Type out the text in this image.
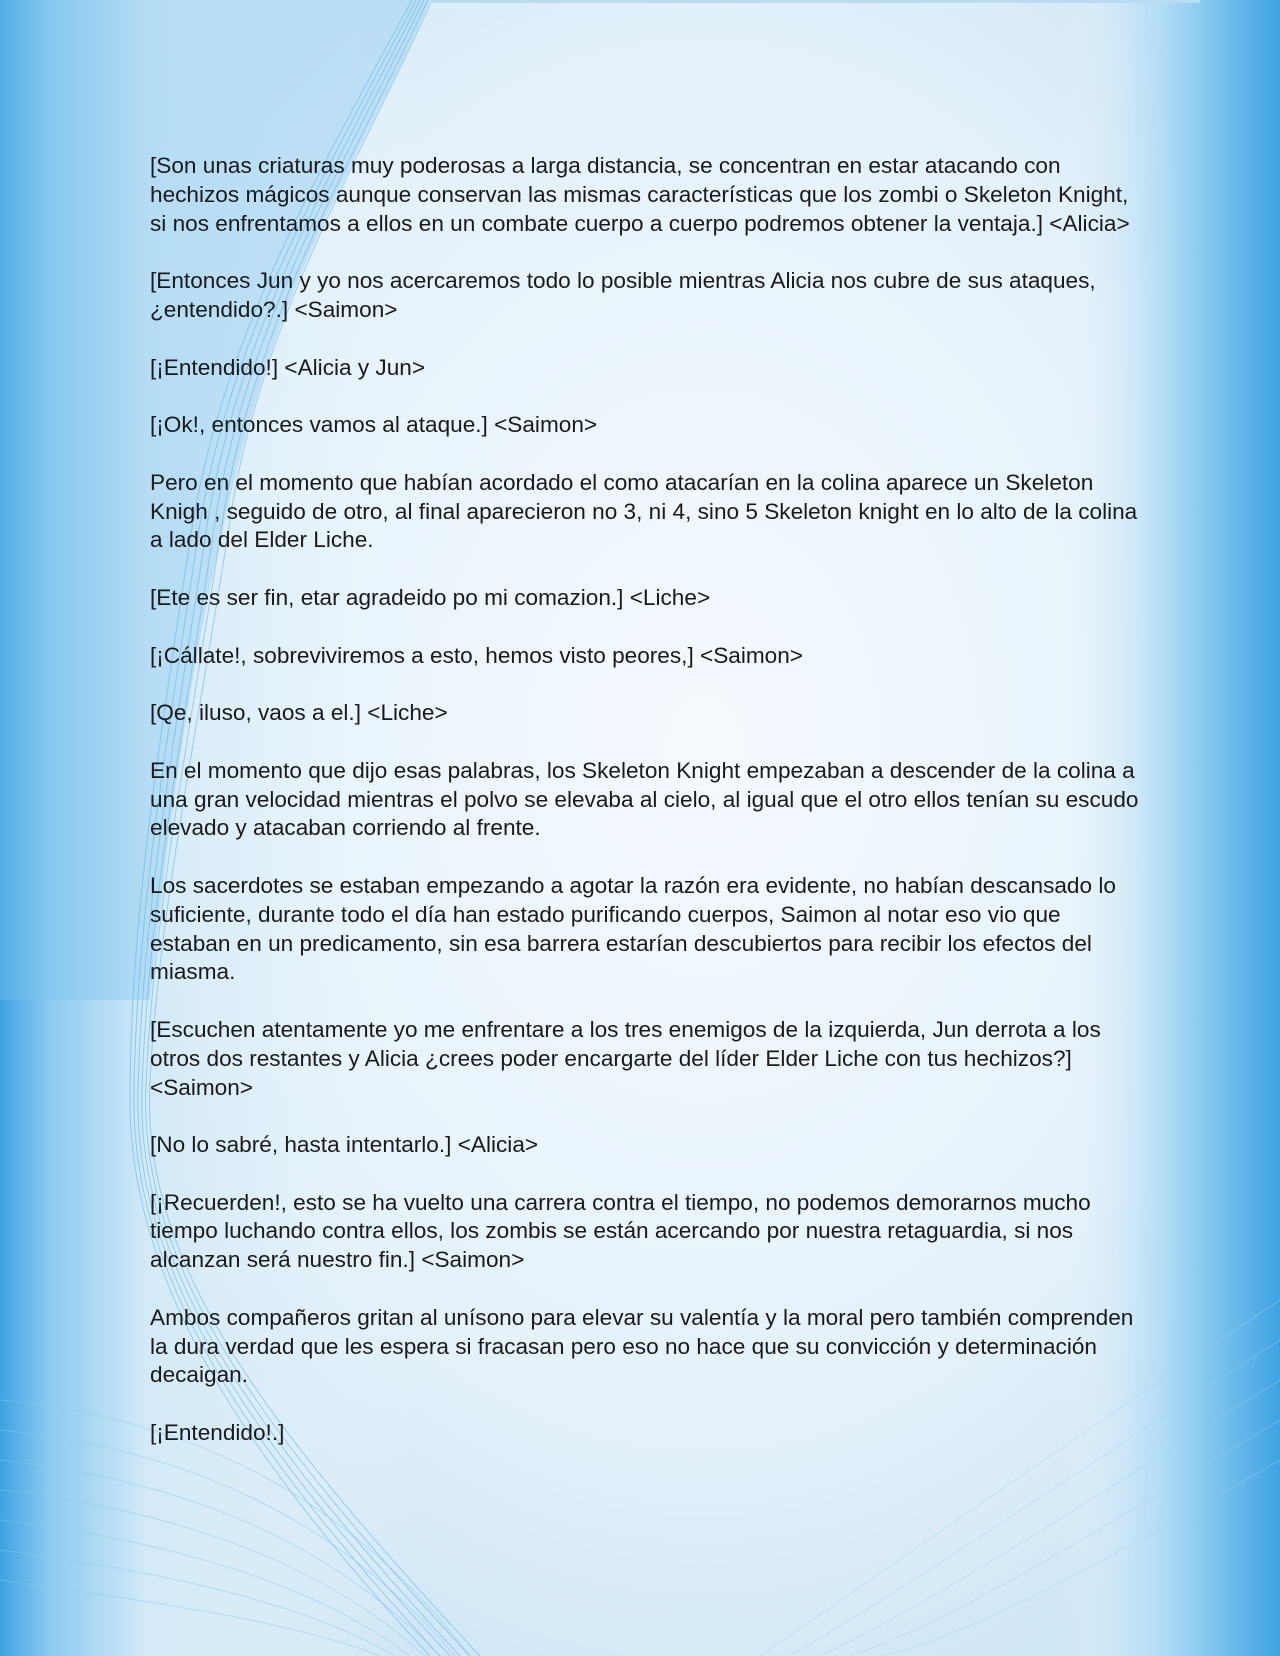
[Son unas criaturas muy poderosas a larga distancia, se concentran en estar atacando con hechizos mágicos aunque conservan las mismas características que los zombi o Skeleton Knight, si nos enfrentamos a ellos en un combate cuerpo a cuerpo podremos obtener la ventaja.] <Alicia>

[Entonces Jun y yo nos acercaremos todo lo posible mientras Alicia nos cubre de sus ataques, ¿entendido?.] <Saimon>

[¡Entendido!] <Alicia y Jun>

[¡Ok!, entonces vamos al ataque.] <Saimon>

Pero en el momento que habían acordado el como atacarían en la colina aparece un Skeleton Knigh , seguido de otro, al final aparecieron no 3, ni 4, sino 5 Skeleton knight en lo alto de la colina a lado del Elder Liche.

[Ete es ser fin, etar agradeido po mi comazion.] <Liche>

[¡Cállate!, sobreviviremos a esto, hemos visto peores,] <Saimon>

[Qe, iluso, vaos a el.] <Liche>

En el momento que dijo esas palabras, los Skeleton Knight empezaban a descender de la colina a una gran velocidad mientras el polvo se elevaba al cielo, al igual que el otro ellos tenían su escudo elevado y atacaban corriendo al frente.

Los sacerdotes se estaban empezando a agotar la razón era evidente, no habían descansado lo suficiente, durante todo el día han estado purificando cuerpos, Saimon al notar eso vio que estaban en un predicamento, sin esa barrera estarían descubiertos para recibir los efectos del miasma.

[Escuchen atentamente yo me enfrentare a los tres enemigos de la izquierda, Jun derrota a los otros dos restantes y Alicia ¿crees poder encargarte del líder Elder Liche con tus hechizos?] <Saimon>

[No lo sabré, hasta intentarlo.] <Alicia>

[¡Recuerden!, esto se ha vuelto una carrera contra el tiempo, no podemos demorarnos mucho tiempo luchando contra ellos, los zombis se están acercando por nuestra retaguardia, si nos alcanzan será nuestro fin.] <Saimon>

Ambos compañeros gritan al unísono para elevar su valentía y la moral pero también comprenden la dura verdad que les espera si fracasan pero eso no hace que su convicción y determinación decaigan.

[¡Entendido!.]
